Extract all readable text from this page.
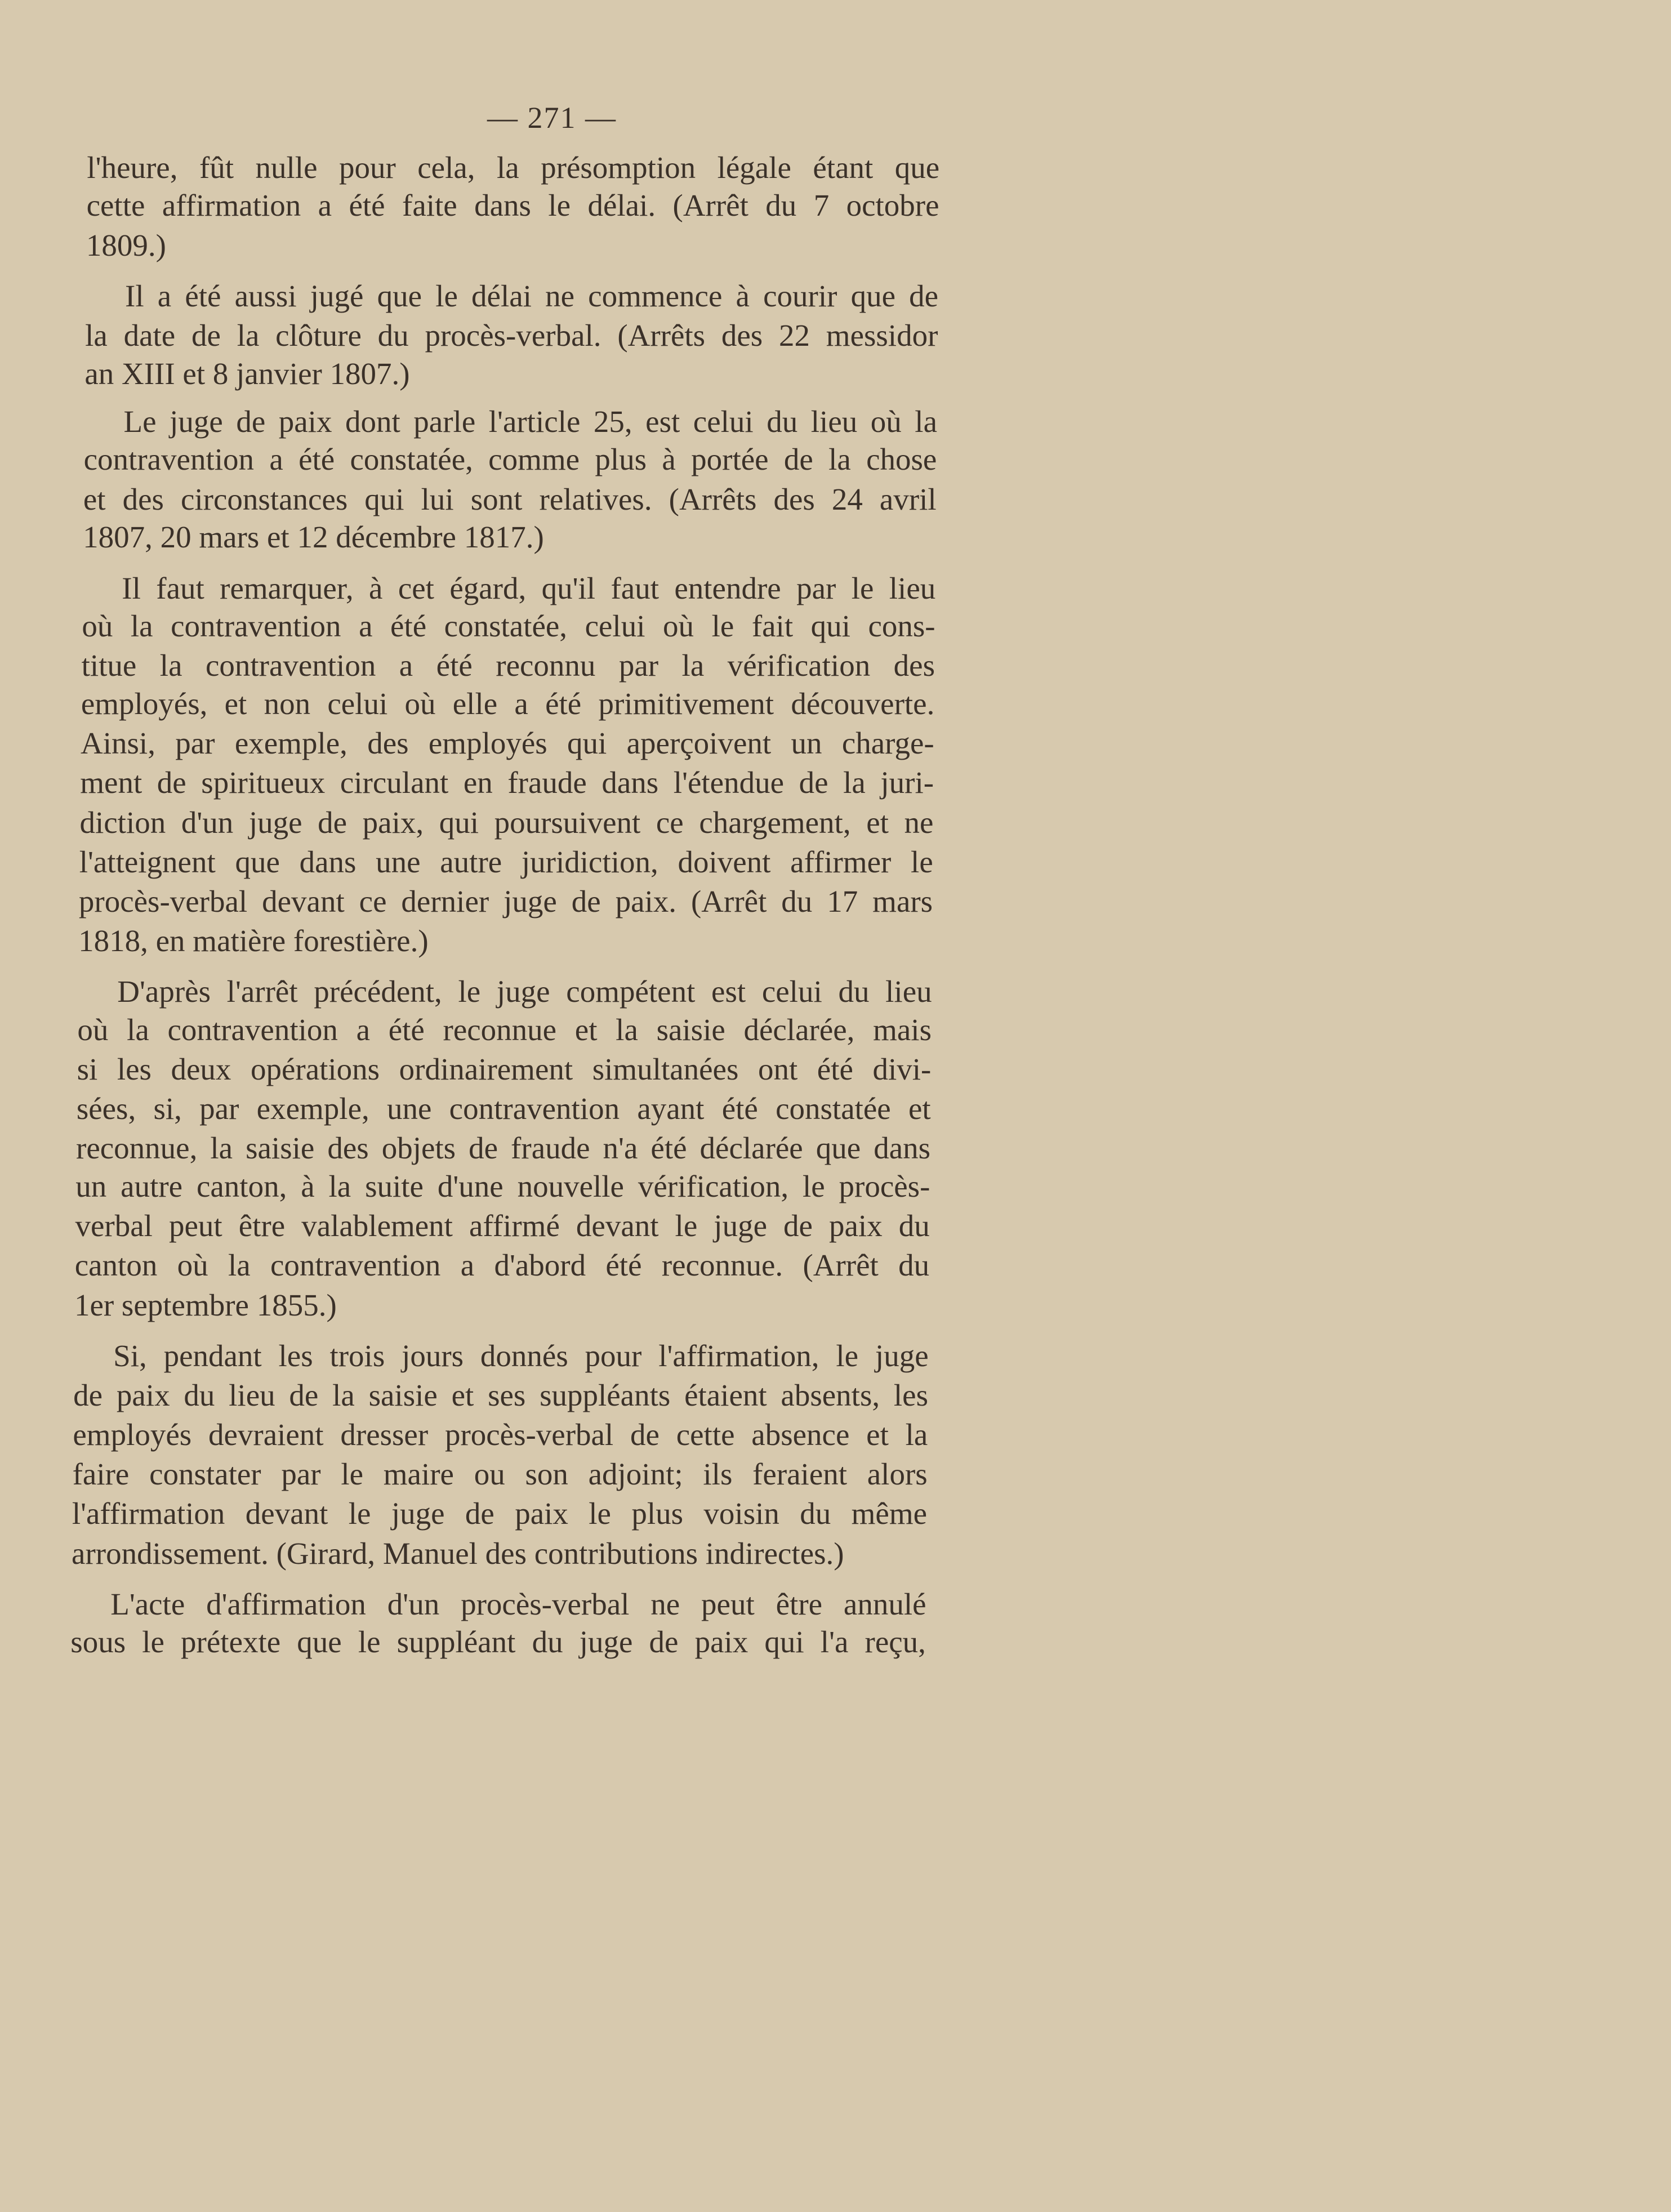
— 271 —
l'heure, fût nulle pour cela, la présomption légale étant que
cette affirmation a été faite dans le délai. (Arrêt du 7 octobre
1809.)
Il a été aussi jugé que le délai ne commence à courir que de
la date de la clôture du procès-verbal. (Arrêts des 22 messidor
an XIII et 8 janvier 1807.)
Le juge de paix dont parle l'article 25, est celui du lieu où la
contravention a été constatée, comme plus à portée de la chose
et des circonstances qui lui sont relatives. (Arrêts des 24 avril
1807, 20 mars et 12 décembre 1817.)
Il faut remarquer, à cet égard, qu'il faut entendre par le lieu
où la contravention a été constatée, celui où le fait qui cons-
titue la contravention a été reconnu par la vérification des
employés, et non celui où elle a été primitivement découverte.
Ainsi, par exemple, des employés qui aperçoivent un charge-
ment de spiritueux circulant en fraude dans l'étendue de la juri-
diction d'un juge de paix, qui poursuivent ce chargement, et ne
l'atteignent que dans une autre juridiction, doivent affirmer le
procès-verbal devant ce dernier juge de paix. (Arrêt du 17 mars
1818, en matière forestière.)
D'après l'arrêt précédent, le juge compétent est celui du lieu
où la contravention a été reconnue et la saisie déclarée, mais
si les deux opérations ordinairement simultanées ont été divi-
sées, si, par exemple, une contravention ayant été constatée et
reconnue, la saisie des objets de fraude n'a été déclarée que dans
un autre canton, à la suite d'une nouvelle vérification, le procès-
verbal peut être valablement affirmé devant le juge de paix du
canton où la contravention a d'abord été reconnue. (Arrêt du
1er septembre 1855.)
Si, pendant les trois jours donnés pour l'affirmation, le juge
de paix du lieu de la saisie et ses suppléants étaient absents, les
employés devraient dresser procès-verbal de cette absence et la
faire constater par le maire ou son adjoint; ils feraient alors
l'affirmation devant le juge de paix le plus voisin du même
arrondissement. (Girard, Manuel des contributions indirectes.)
L'acte d'affirmation d'un procès-verbal ne peut être annulé
sous le prétexte que le suppléant du juge de paix qui l'a reçu,
